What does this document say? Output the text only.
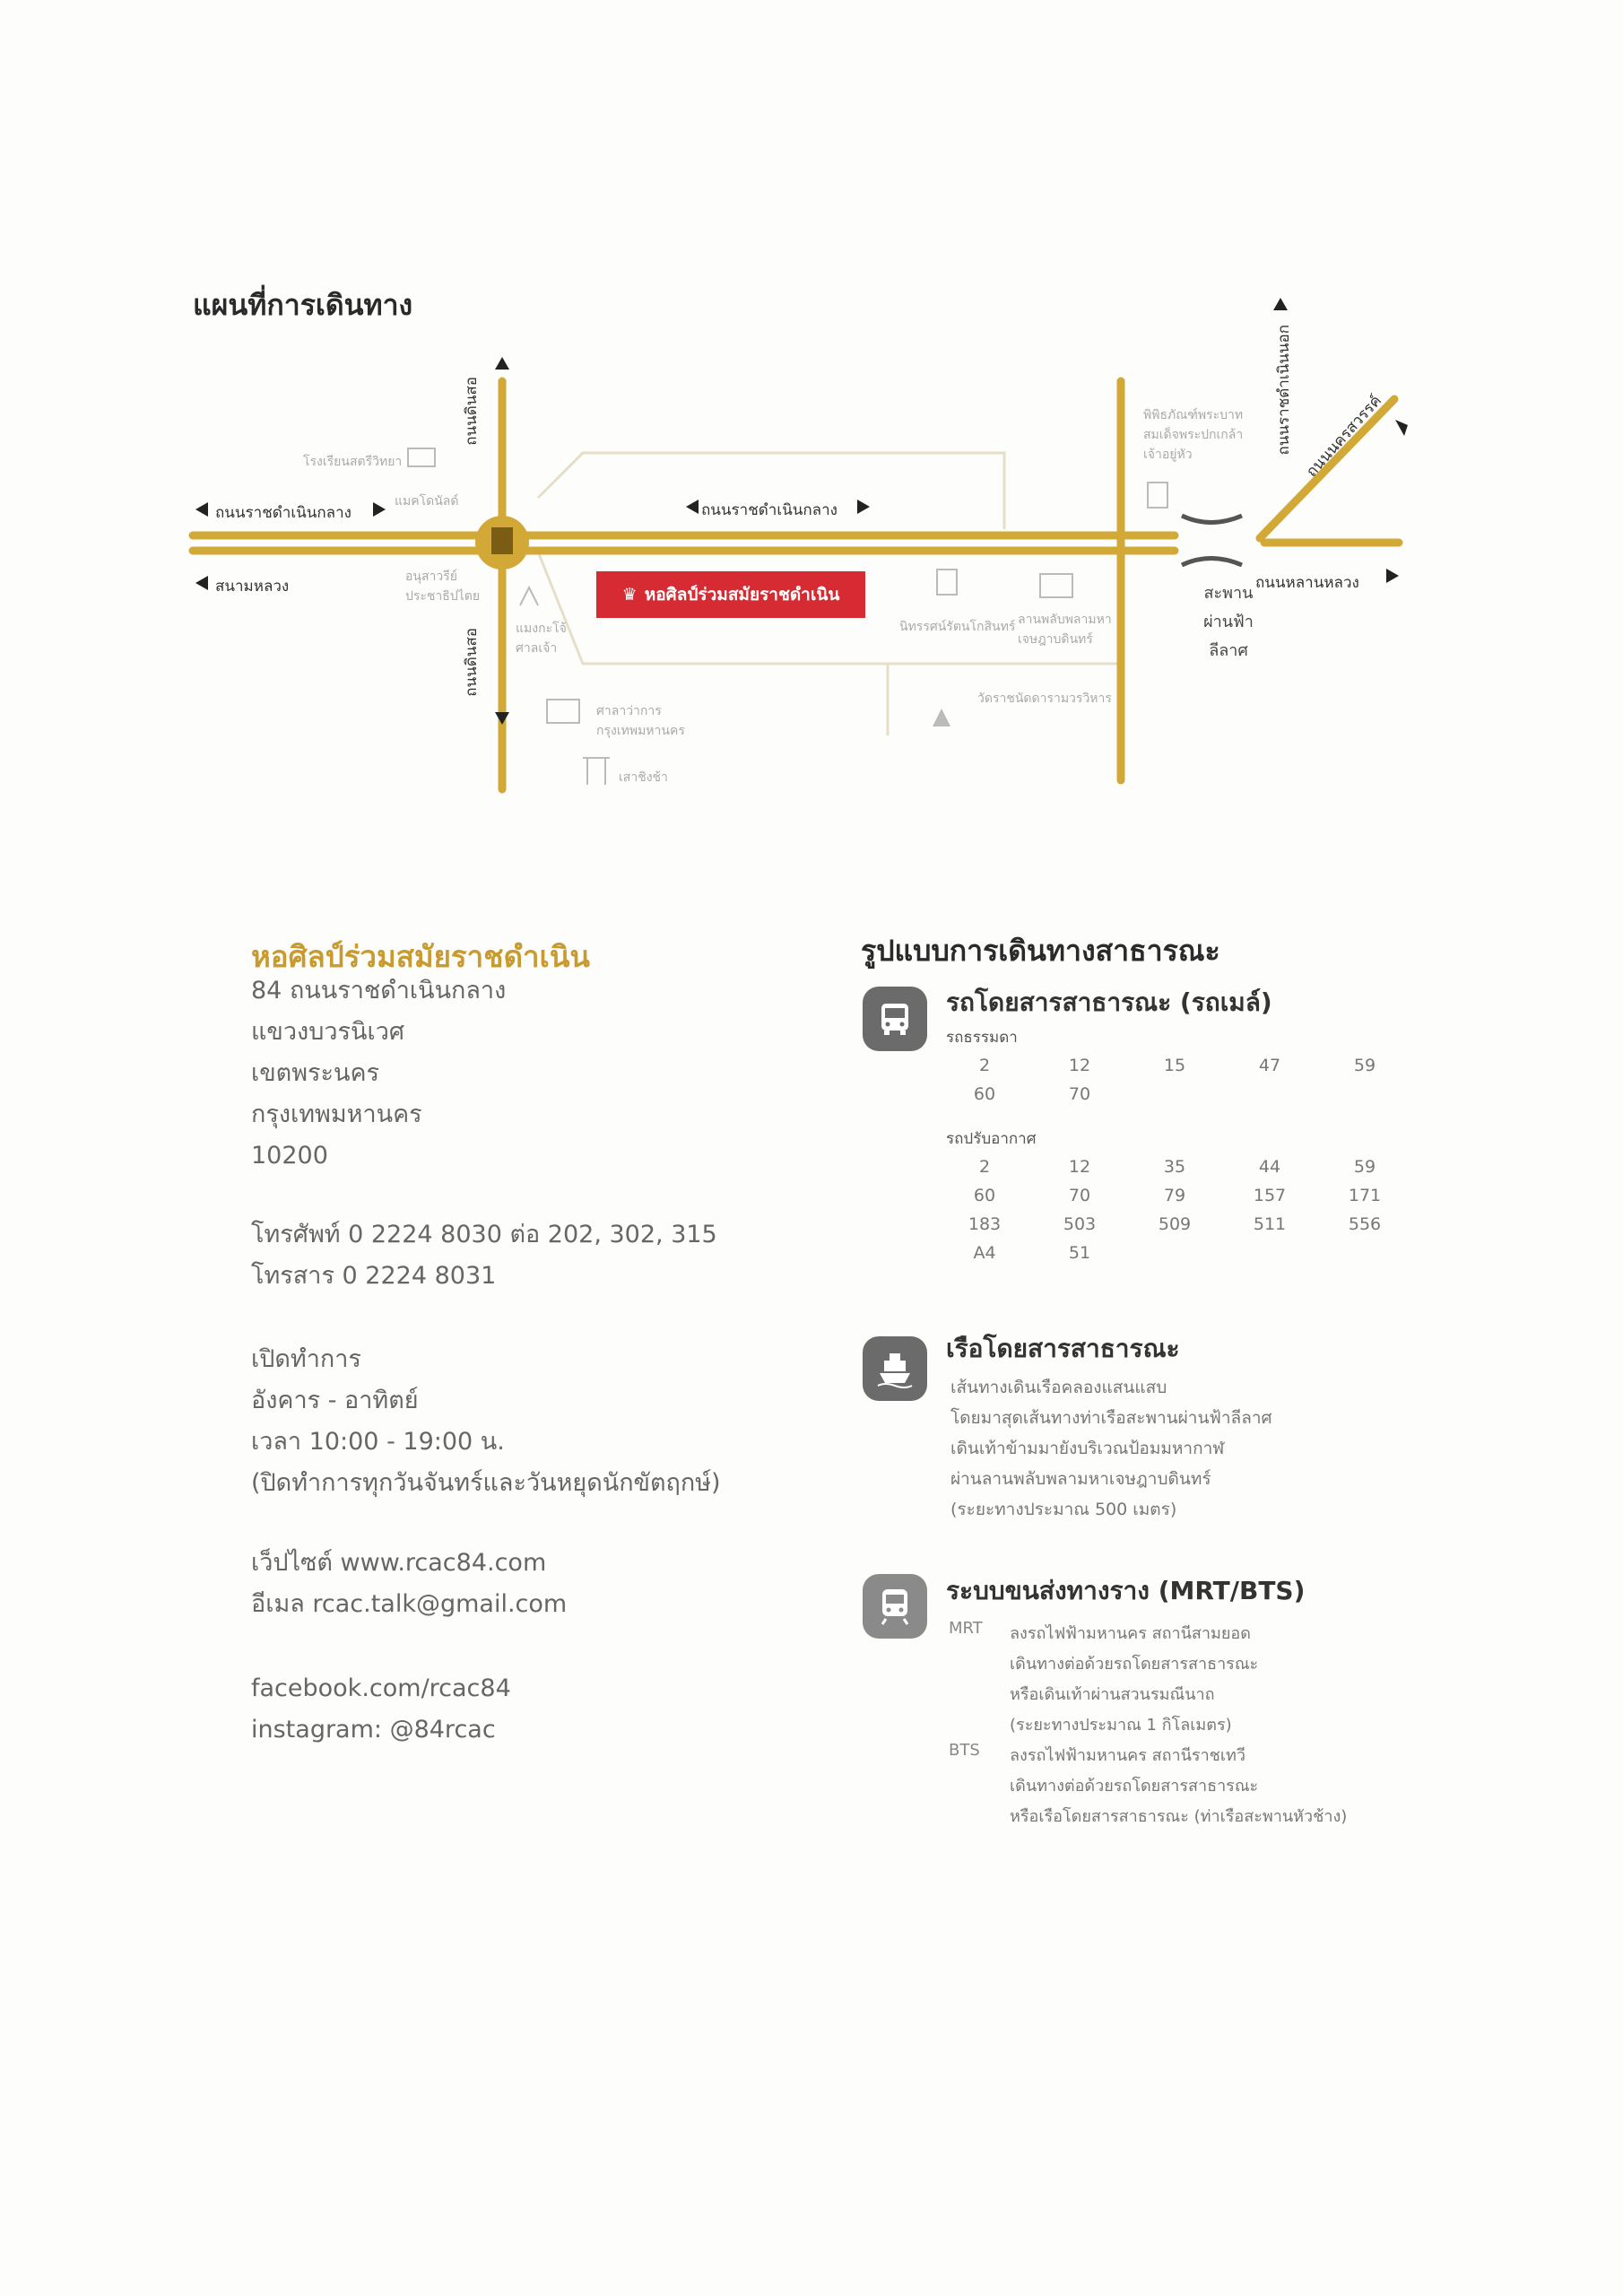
แผนที่การเดินทาง
ถนนราชดำเนินกลาง	ถนนราชดำเนินกลาง
สนามหลวง
ถนนดินสอ
ถนนดินสอ
ถนนราชดำเนินนอก ถนนนครสวรรค์
ถนนหลานหลวง
♛ หอศิลป์ร่วมสมัยราชดำเนิน	สะพาน ผ่านฟ้า ลีลาศ
โรงเรียนสตรีวิทยา
แมคโดนัลด์
อนุสาวรีย์ประชาธิปไตย
แมงกะโจ้ ศาลเจ้า
ศาลาว่าการกรุงเทพมหานคร
เสาชิงช้า
นิทรรศน์รัตนโกสินทร์ ลานพลับพลามหาเจษฎาบดินทร์
วัดราชนัดดารามวรวิหาร
พิพิธภัณฑ์พระบาทสมเด็จพระปกเกล้าเจ้าอยู่หัว
หอศิลป์ร่วมสมัยราชดำเนิน
84 ถนนราชดำเนินกลาง
แขวงบวรนิเวศ
เขตพระนคร
กรุงเทพมหานคร
10200
โทรศัพท์ 0 2224 8030 ต่อ 202, 302, 315
โทรสาร 0 2224 8031
เปิดทำการ
อังคาร - อาทิตย์
เวลา 10:00 - 19:00 น.
(ปิดทำการทุกวันจันทร์และวันหยุดนักขัตฤกษ์)
เว็ปไซต์ www.rcac84.com
อีเมล rcac.talk@gmail.com
facebook.com/rcac84
instagram: @84rcac
รูปแบบการเดินทางสาธารณะ
รถโดยสารสาธารณะ (รถเมล์)
รถธรรมดา
2	12	15	47	59
60	70
รถปรับอากาศ
2	12	35	44	59
60	70	79	157	171
183	503	509	511	556
A4	51
เรือโดยสารสาธารณะ
เส้นทางเดินเรือคลองแสนแสบ
โดยมาสุดเส้นทางท่าเรือสะพานผ่านฟ้าลีลาศ
เดินเท้าข้ามมายังบริเวณป้อมมหากาฬ
ผ่านลานพลับพลามหาเจษฎาบดินทร์
(ระยะทางประมาณ 500 เมตร)
ระบบขนส่งทางราง (MRT/BTS)
MRT	ลงรถไฟฟ้ามหานคร สถานีสามยอด
เดินทางต่อด้วยรถโดยสารสาธารณะ
หรือเดินเท้าผ่านสวนรมณีนาถ
(ระยะทางประมาณ 1 กิโลเมตร)
BTS	ลงรถไฟฟ้ามหานคร สถานีราชเทวี
เดินทางต่อด้วยรถโดยสารสาธารณะ
หรือเรือโดยสารสาธารณะ (ท่าเรือสะพานหัวช้าง)
